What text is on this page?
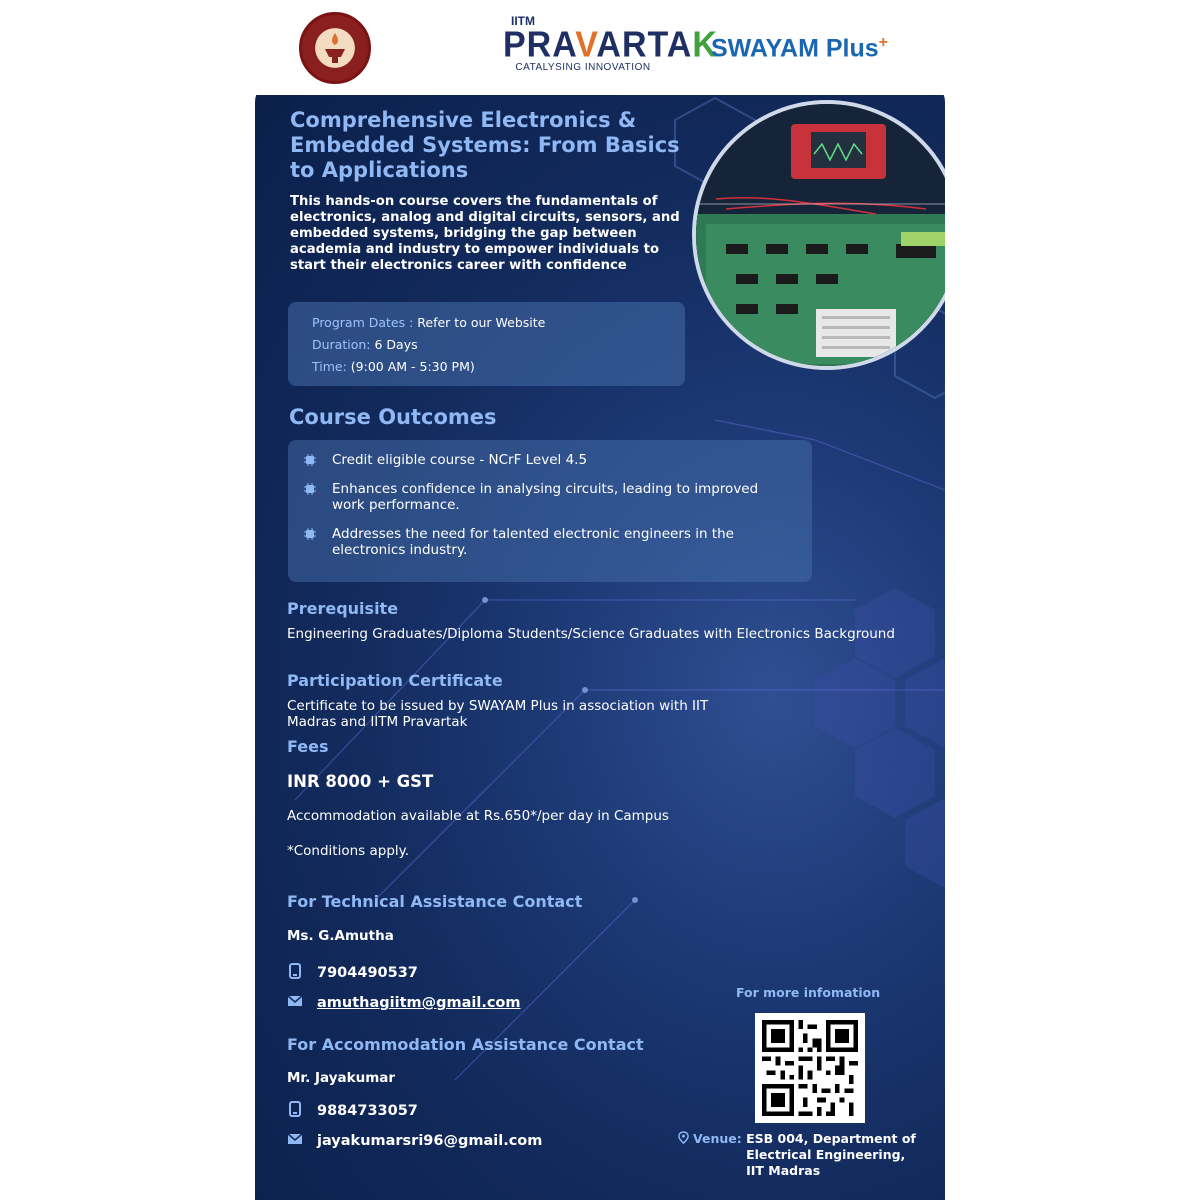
IITM
PRAVARTAK
CATALYSING INNOVATION
SWAYAM Plus+
Comprehensive Electronics & Embedded Systems: From Basics to Applications
This hands-on course covers the fundamentals of electronics, analog and digital circuits, sensors, and embedded systems, bridging the gap between academia and industry to empower individuals to start their electronics career with confidence
Program Dates : Refer to our Website
Duration: 6 Days
Time: (9:00 AM - 5:30 PM)
Course Outcomes
Credit eligible course - NCrF Level 4.5
Enhances confidence in analysing circuits, leading to improved work performance.
Addresses the need for talented electronic engineers in the electronics industry.
Prerequisite
Engineering Graduates/Diploma Students/Science Graduates with Electronics Background
Participation Certificate
Certificate to be issued by SWAYAM Plus in association with IIT Madras and IITM Pravartak
Fees
INR 8000 + GST
Accommodation available at Rs.650*/per day in Campus
*Conditions apply.
For Technical Assistance Contact
Ms. G.Amutha
7904490537
amuthagiitm@gmail.com
For Accommodation Assistance Contact
Mr. Jayakumar
9884733057
jayakumarsri96@gmail.com
For more infomation
Venue: ESB 004, Department of
Electrical Engineering,
IIT Madras
